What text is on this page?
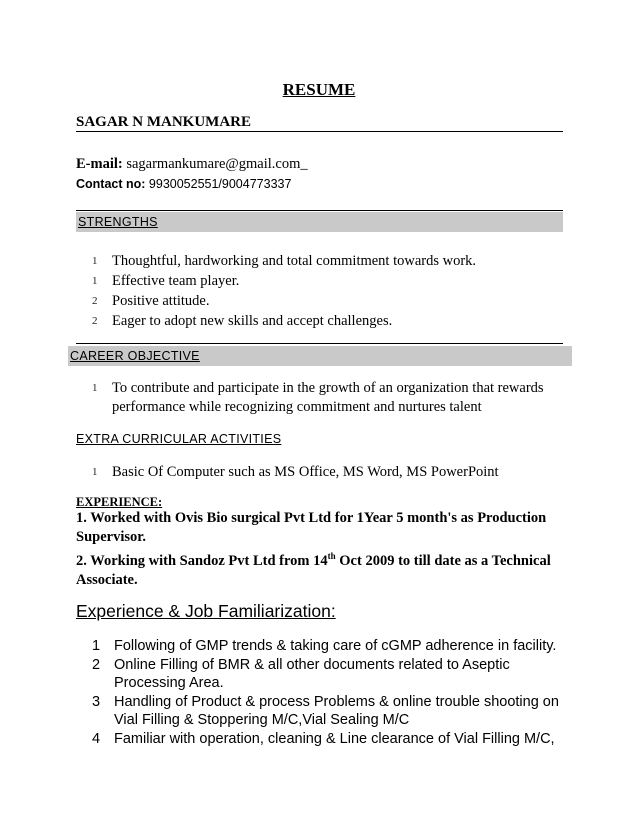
RESUME
SAGAR N MANKUMARE
E-mail: sagarmankumare@gmail.com_
Contact no: 9930052551/9004773337
STRENGTHS
1	Thoughtful, hardworking and total commitment towards work.
1	Effective team player.
2	Positive attitude.
2	Eager to adopt new skills and accept challenges.
CAREER OBJECTIVE
1 To contribute and participate in the growth of an organization that rewards performance while recognizing commitment and nurtures talent
EXTRA CURRICULAR ACTIVITIES
1	Basic Of Computer such as MS Office, MS Word, MS PowerPoint
EXPERIENCE:
1. Worked with Ovis Bio surgical Pvt Ltd for 1Year 5 month's as Production Supervisor.
2. Working with Sandoz Pvt Ltd from 14th Oct 2009 to till date as a Technical Associate.
Experience & Job Familiarization:
1 Following of GMP trends & taking care of cGMP adherence in facility.
2 Online Filling of BMR & all other documents related to Aseptic Processing Area.
3 Handling of Product & process Problems & online trouble shooting on Vial Filling & Stoppering M/C,Vial Sealing M/C
4 Familiar with operation, cleaning & Line clearance of Vial Filling M/C,
